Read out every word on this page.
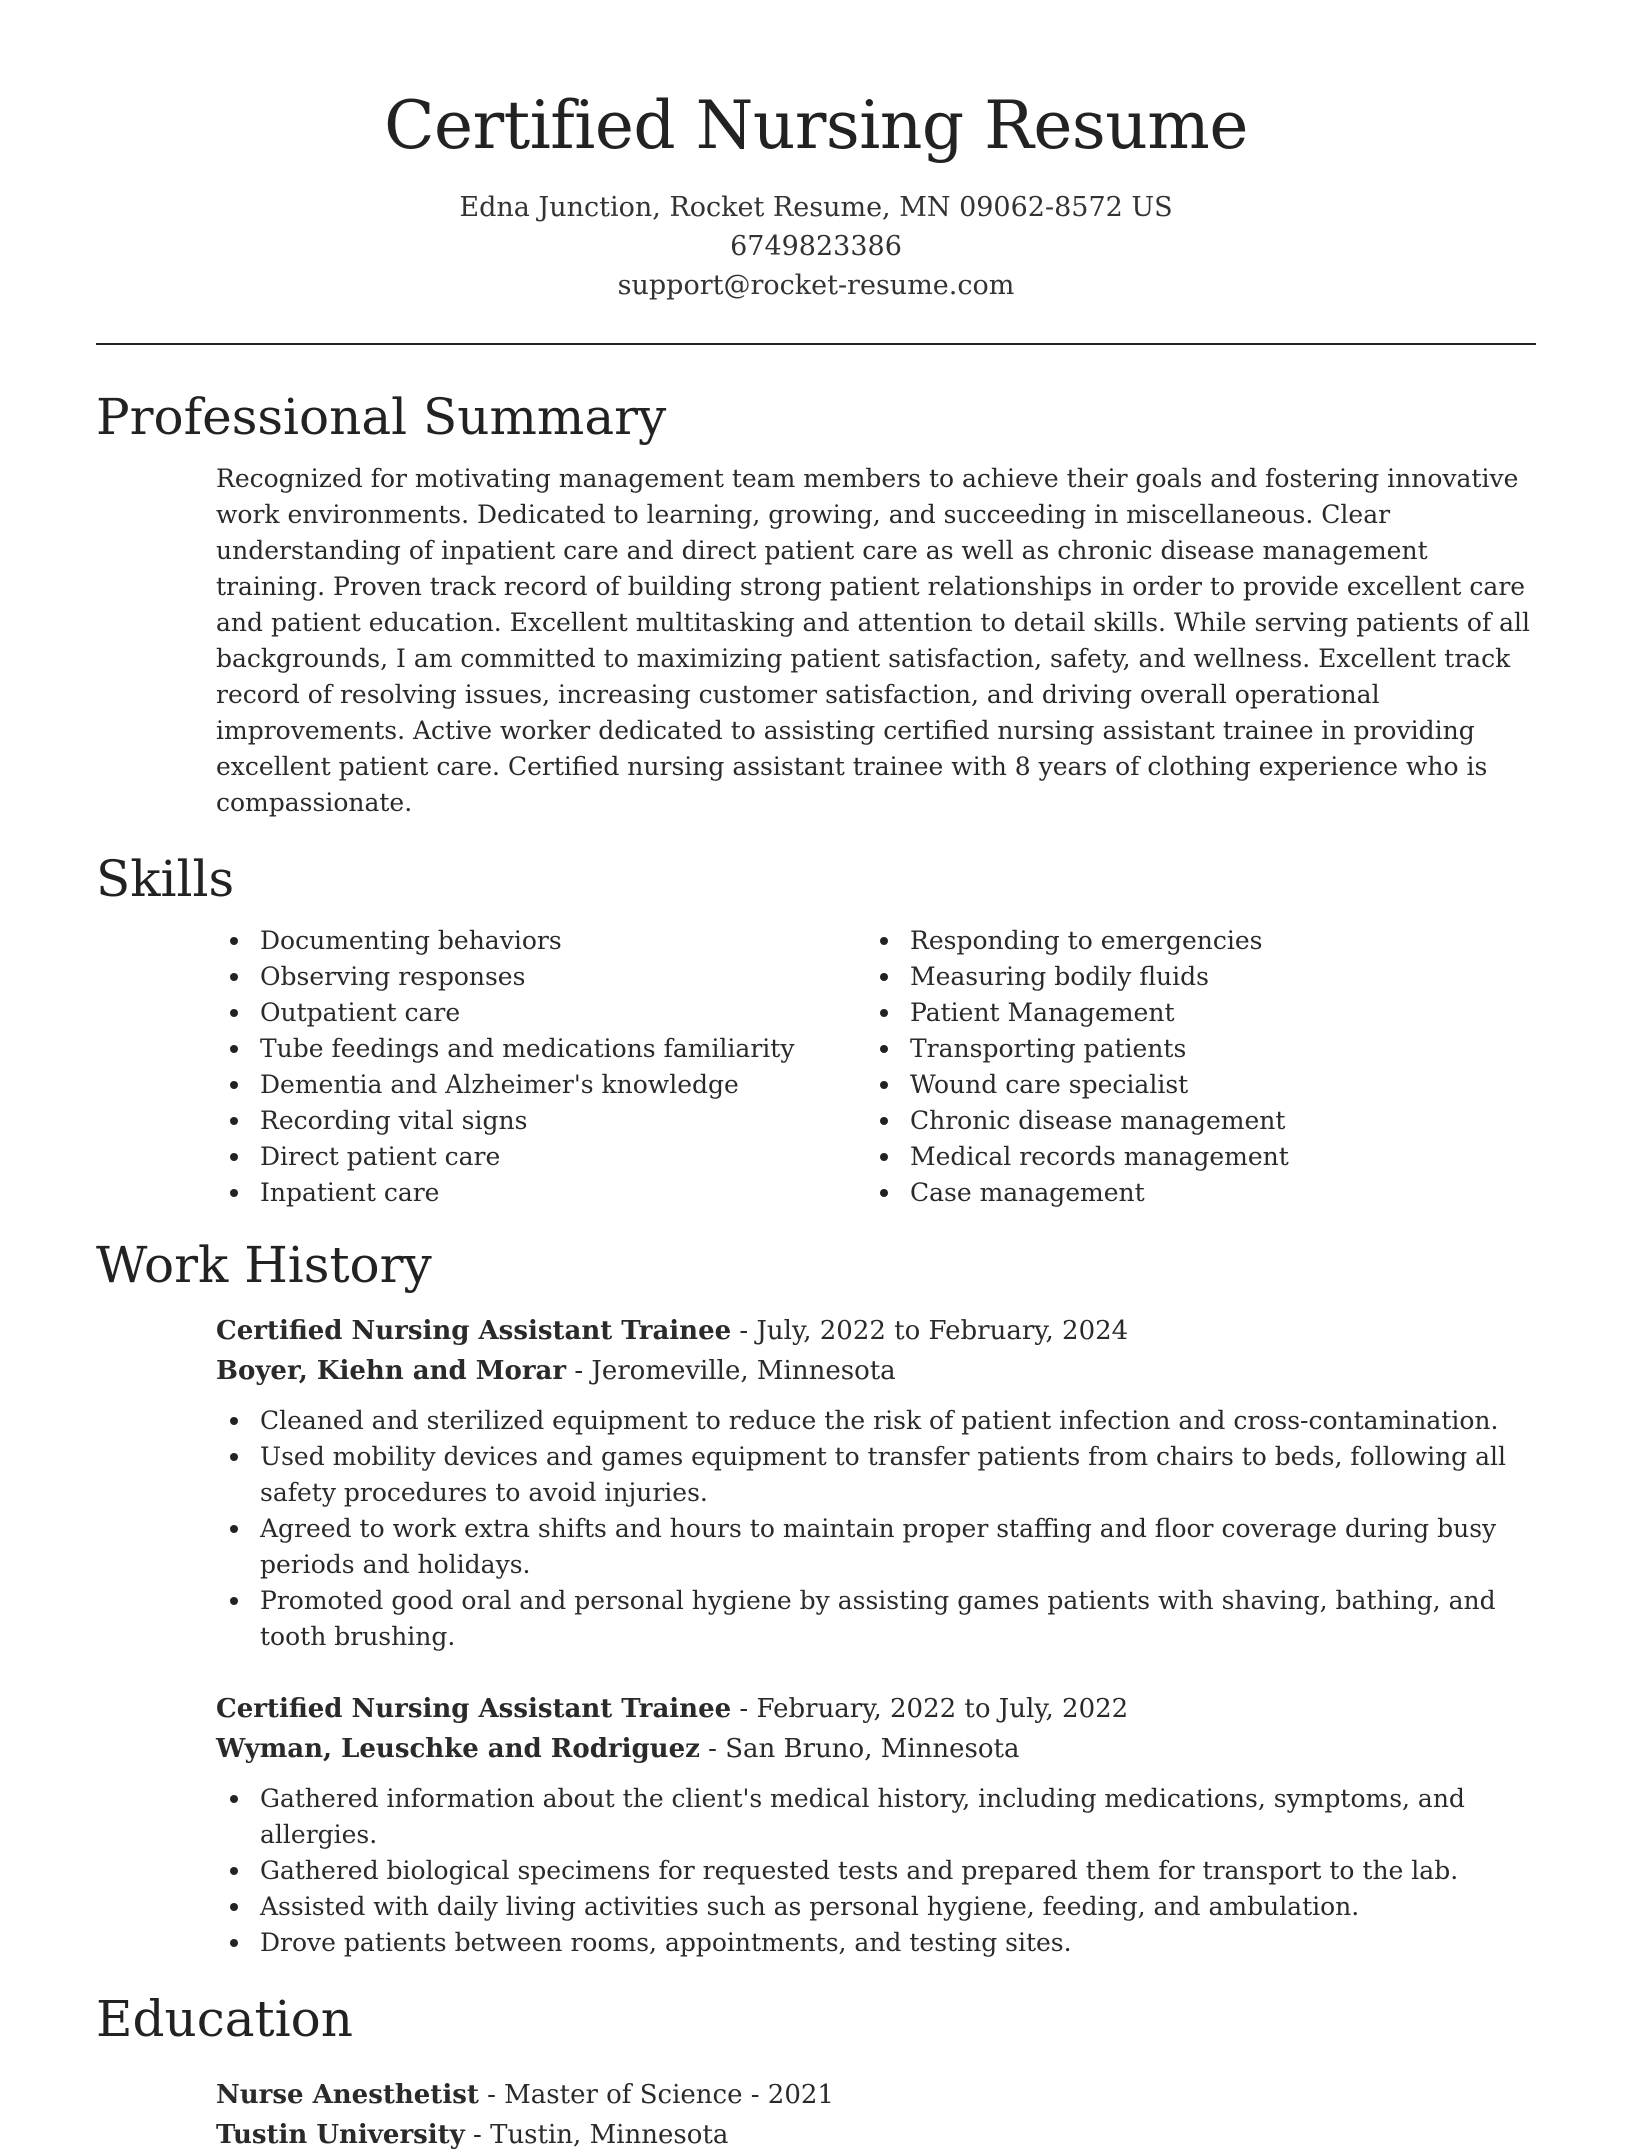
Certified Nursing Resume
Edna Junction, Rocket Resume, MN 09062-8572 US
6749823386
support@rocket-resume.com
Professional Summary

Recognized for motivating management team members to achieve their goals and fostering innovative work environments. Dedicated to learning, growing, and succeeding in miscellaneous. Clear understanding of inpatient care and direct patient care as well as chronic disease management training. Proven track record of building strong patient relationships in order to provide excellent care and patient education. Excellent multitasking and attention to detail skills. While serving patients of all backgrounds, I am committed to maximizing patient satisfaction, safety, and wellness. Excellent track record of resolving issues, increasing customer satisfaction, and driving overall operational improvements. Active worker dedicated to assisting certified nursing assistant trainee in providing excellent patient care. Certified nursing assistant trainee with 8 years of clothing experience who is compassionate.

Skills
Documenting behaviors
Observing responses
Outpatient care
Tube feedings and medications familiarity
Dementia and Alzheimer's knowledge
Recording vital signs
Direct patient care
Inpatient care
Responding to emergencies
Measuring bodily fluids
Patient Management
Transporting patients
Wound care specialist
Chronic disease management
Medical records management
Case management
Work History
Certified Nursing Assistant Trainee - July, 2022 to February, 2024
Boyer, Kiehn and Morar - Jeromeville, Minnesota
Cleaned and sterilized equipment to reduce the risk of patient infection and cross-contamination.
Used mobility devices and games equipment to transfer patients from chairs to beds, following all safety procedures to avoid injuries.
Agreed to work extra shifts and hours to maintain proper staffing and floor coverage during busy periods and holidays.
Promoted good oral and personal hygiene by assisting games patients with shaving, bathing, and tooth brushing.
Certified Nursing Assistant Trainee - February, 2022 to July, 2022
Wyman, Leuschke and Rodriguez - San Bruno, Minnesota
Gathered information about the client's medical history, including medications, symptoms, and allergies.
Gathered biological specimens for requested tests and prepared them for transport to the lab.
Assisted with daily living activities such as personal hygiene, feeding, and ambulation.
Drove patients between rooms, appointments, and testing sites.
Education
Nurse Anesthetist - Master of Science - 2021
Tustin University - Tustin, Minnesota
